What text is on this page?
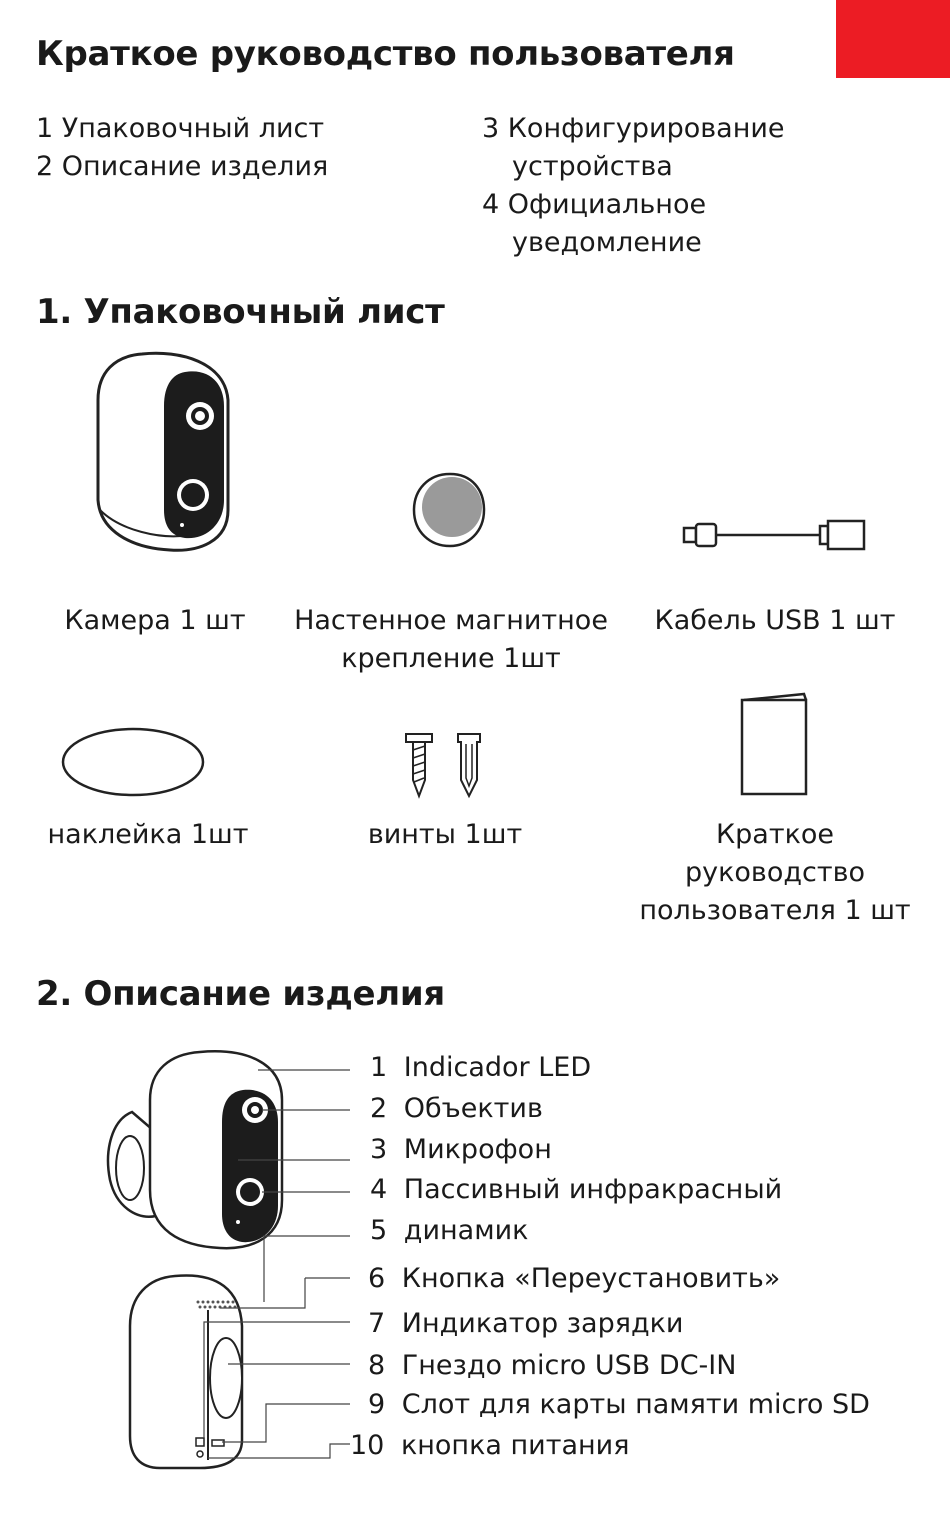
Краткое руководство пользователя
1 Упаковочный лист
2 Описание изделия
3 Конфигурирование
устройства
4 Официальное
уведомление
1. Упаковочный лист
Камера 1 шт	Настенное магнитное
крепление 1шт
Кабель USB 1 шт
наклейка 1шт	винты 1шт	Краткое
руководство
пользователя 1 шт
2. Описание изделия
1 Indicador LED
2 Объектив
3 Микрофон
4 Пассивный инфракрасный
5 динамик
6 Кнопка «Переустановить»
7 Индикатор зарядки
8 Гнездо micro USB DC-IN
9 Слот для карты памяти micro SD
10 кнопка питания
